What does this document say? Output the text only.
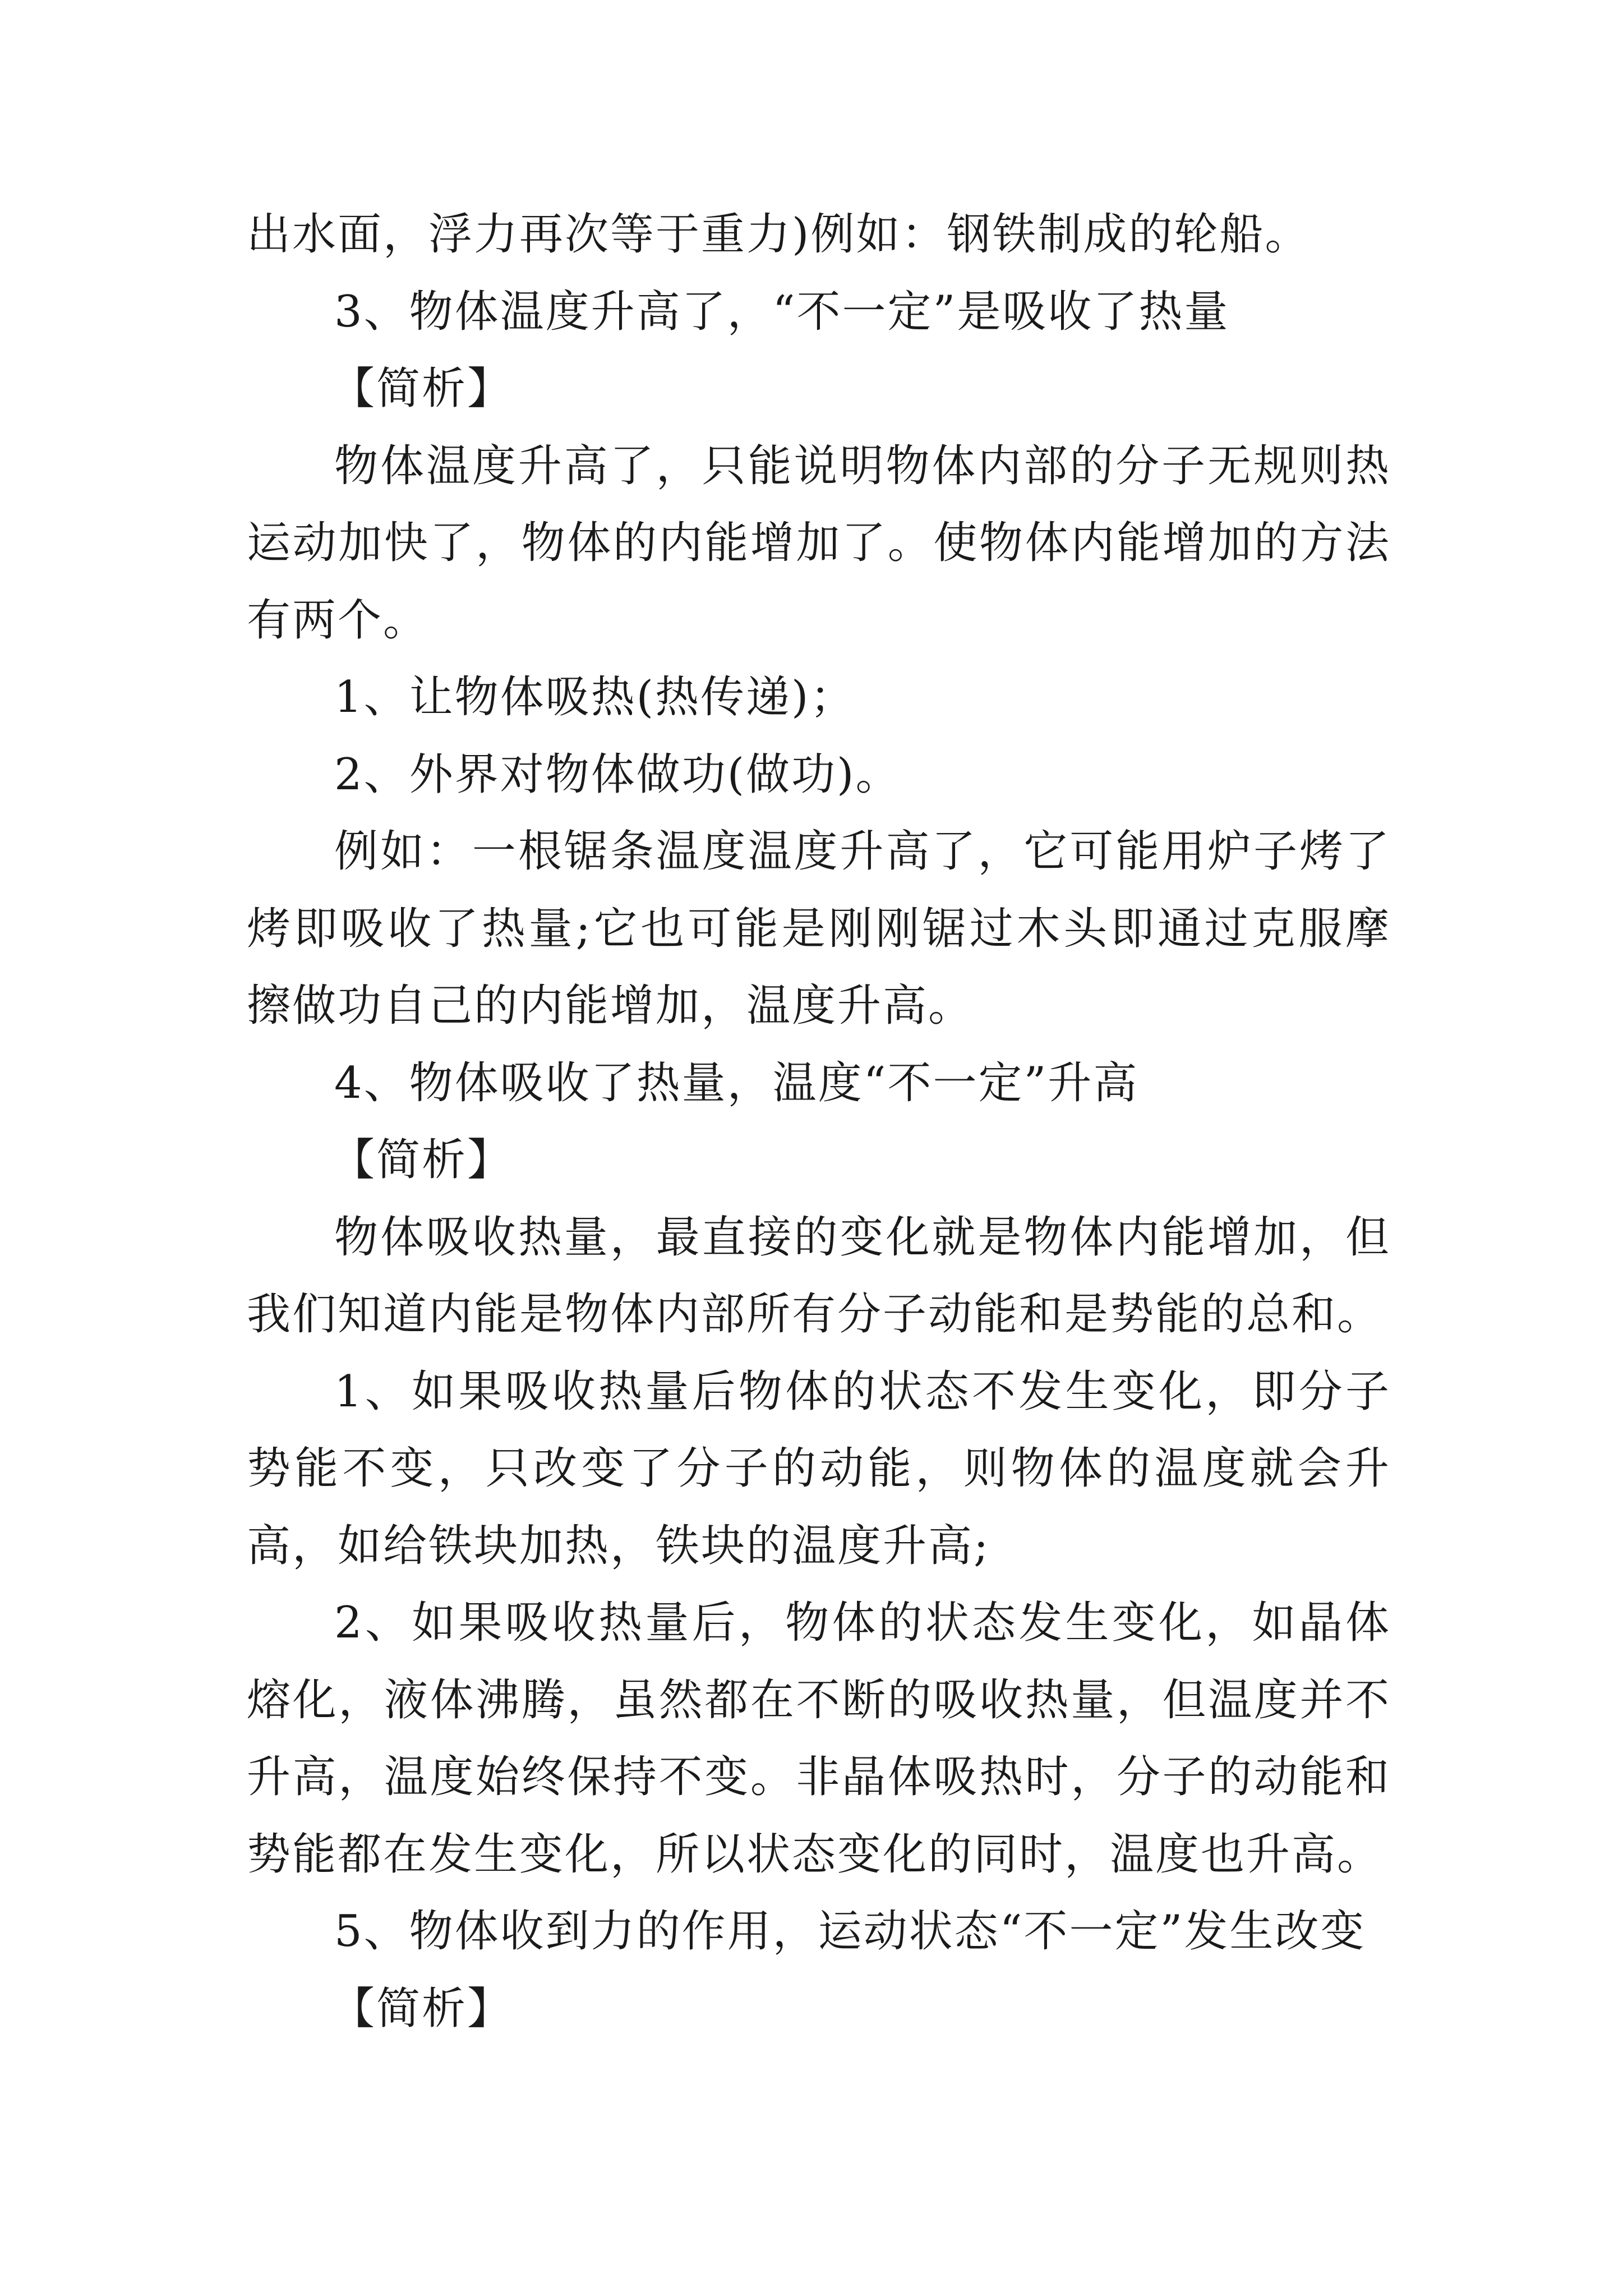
出水面，浮力再次等于重力)例如：钢铁制成的轮船。

3、物体温度升高了，“不一定”是吸收了热量

【简析】

物体温度升高了，只能说明物体内部的分子无规则热运动加快了，物体的内能增加了。使物体内能增加的方法有两个。

1、让物体吸热(热传递)；

2、外界对物体做功(做功)。

例如：一根锯条温度温度升高了，它可能用炉子烤了烤即吸收了热量;它也可能是刚刚锯过木头即通过克服摩擦做功自己的内能增加，温度升高。

4、物体吸收了热量，温度“不一定”升高

【简析】

物体吸收热量，最直接的变化就是物体内能增加，但我们知道内能是物体内部所有分子动能和是势能的总和。

1、如果吸收热量后物体的状态不发生变化，即分子势能不变，只改变了分子的动能，则物体的温度就会升高，如给铁块加热，铁块的温度升高;

2、如果吸收热量后，物体的状态发生变化，如晶体熔化，液体沸腾，虽然都在不断的吸收热量，但温度并不升高，温度始终保持不变。非晶体吸热时，分子的动能和势能都在发生变化，所以状态变化的同时，温度也升高。

5、物体收到力的作用，运动状态“不一定”发生改变

【简析】
